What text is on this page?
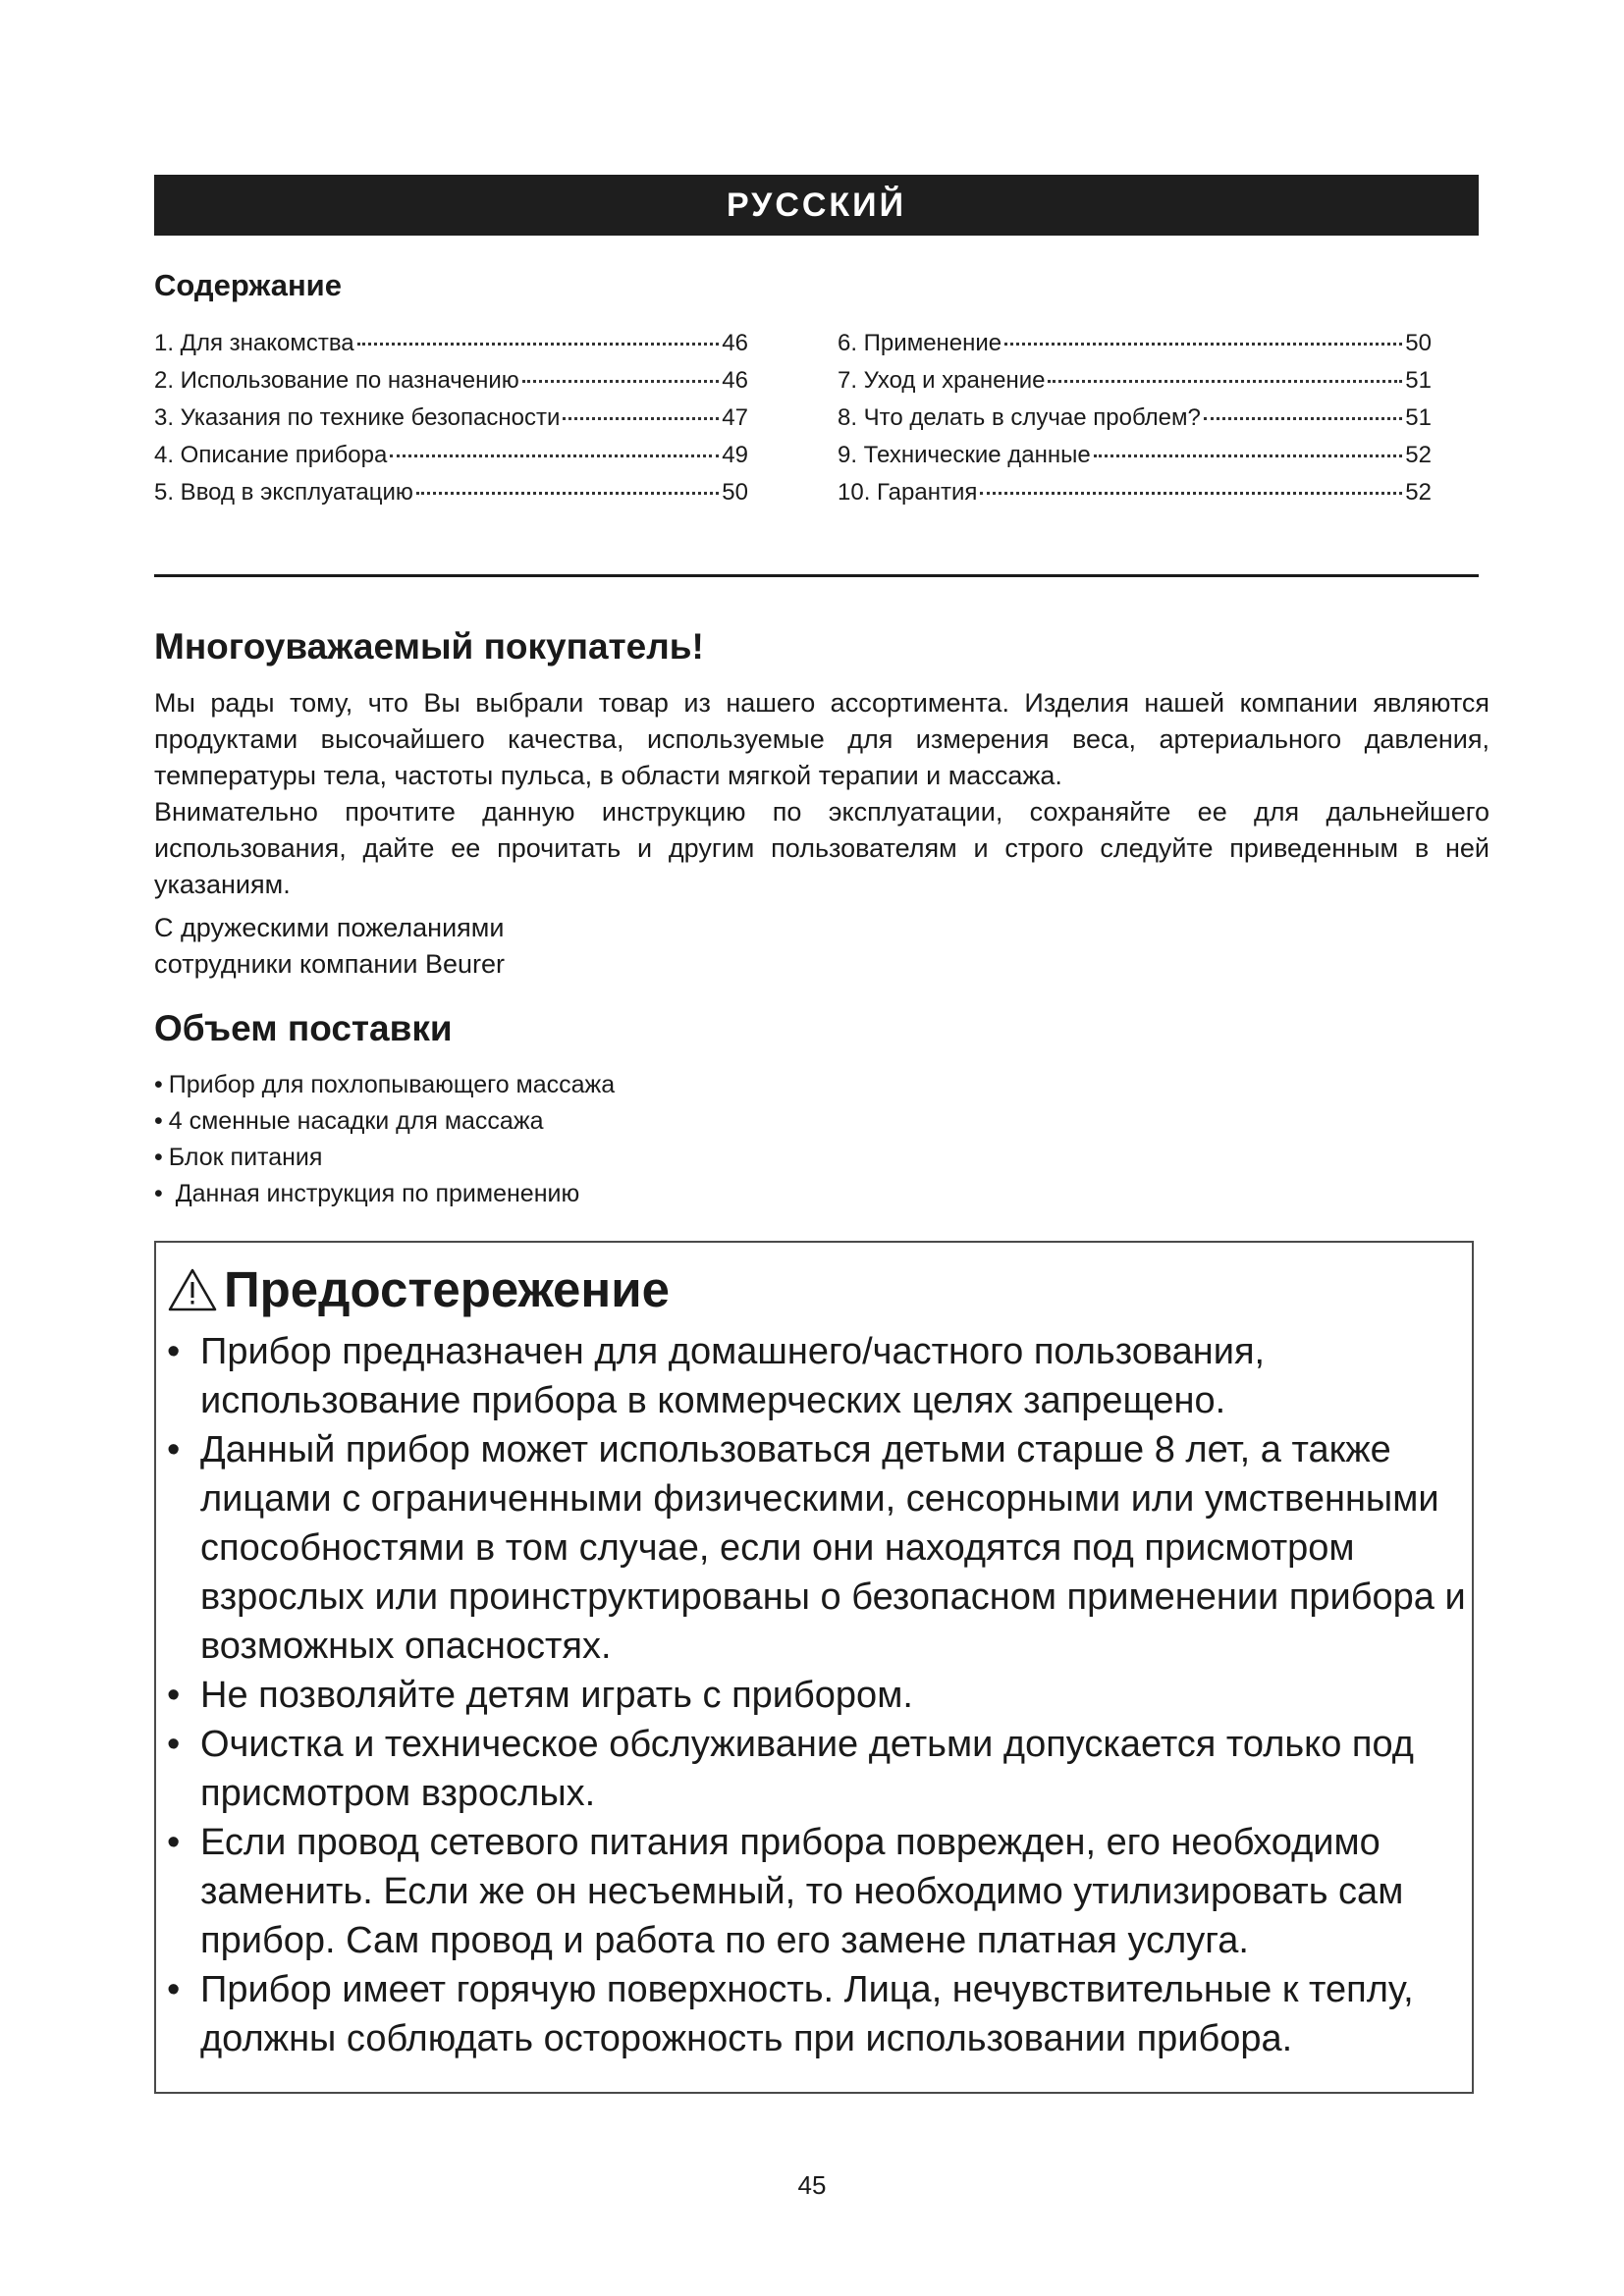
РУССКИЙ
Содержание
1. Для знакомства	46
2. Использование по назначению	46
3. Указания по технике безопасности	47
4. Описание прибора	49
5. Ввод в эксплуатацию	50
6. Применение	50
7. Уход и хранение	51
8. Что делать в случае проблем?	51
9. Технические данные	52
10. Гарантия	52
Многоуважаемый покупатель!

Мы рады тому, что Вы выбрали товар из нашего ассортимента. Изделия нашей компании являются продуктами высочайшего качества, используемые для измерения веса, артериального давления, температуры тела, частоты пульса, в области мягкой терапии и массажа.

Внимательно прочтите данную инструкцию по эксплуатации, сохраняйте ее для дальнейшего использования, дайте ее прочитать и другим пользователям и строго следуйте приведенным в ней указаниям.

С дружескими пожеланиями

сотрудники компании Beurer

Объем поставки
• Прибор для похлопывающего массажа
• 4 сменные насадки для массажа
• Блок питания
•  Данная инструкция по применению
Предостережение
• Прибор предназначен для домашнего/частного пользования, использование прибора в коммерческих целях запрещено.
• Данный прибор может использоваться детьми старше 8 лет, а также лицами с ограниченными физическими, сенсорными или умственными способностями в том случае, если они находятся под присмотром взрослых или проинструктированы о безопасном применении прибора и возможных опасностях.
• Не позволяйте детям играть с прибором.
• Очистка и техническое обслуживание детьми допускается только под присмотром взрослых.
• Если провод сетевого питания прибора поврежден, его необходимо заменить. Если же он несъемный, то необходимо утилизировать сам прибор. Сам провод и работа по его замене платная услуга.
• Прибор имеет горячую поверхность. Лица, нечувствительные к теплу, должны соблюдать осторожность при использовании прибора.
45
